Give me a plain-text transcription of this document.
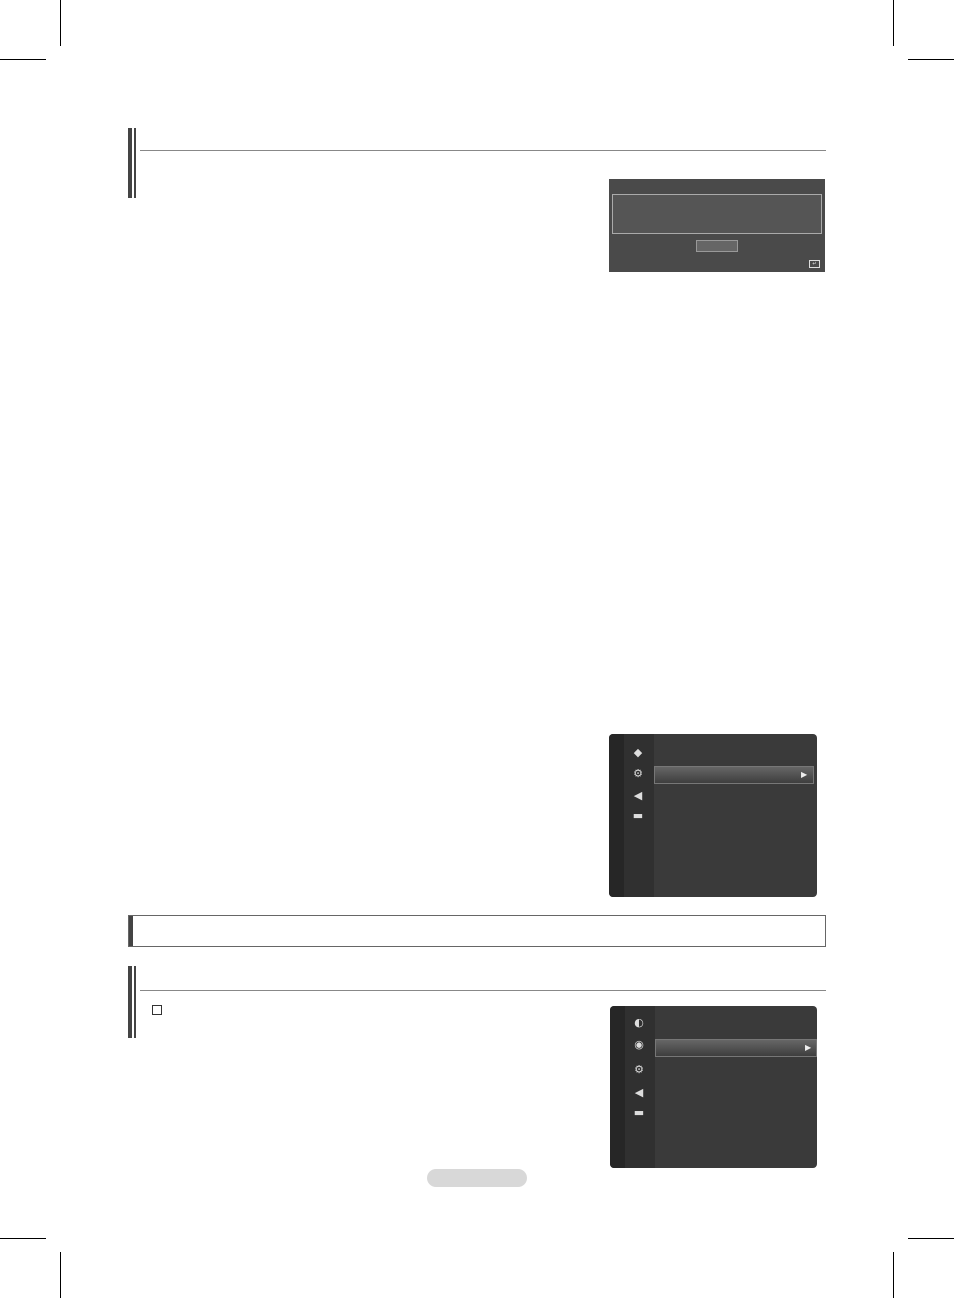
↵
◆
⚙
◀
▬
▶
◐
◉
⚙
◀
▬
▶
